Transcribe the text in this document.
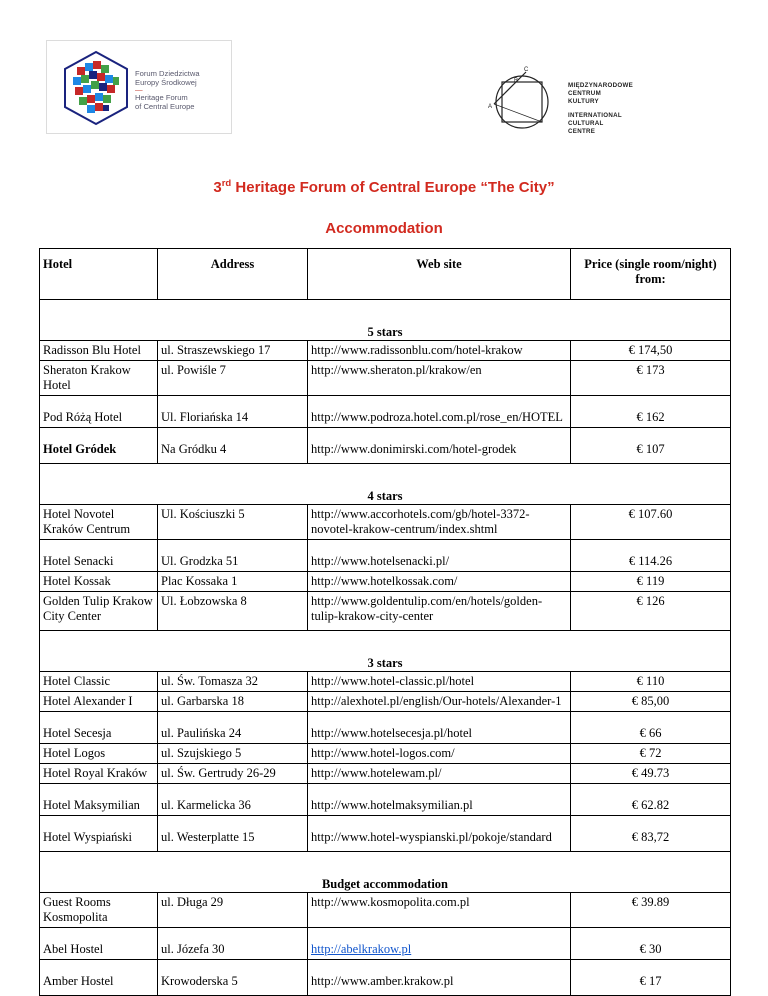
Forum Dziedzictwa
Europy Środkowej
—
Heritage Forum
of Central Europe
C
B
A
MIĘDZYNARODOWE
CENTRUM
KULTURY
INTERNATIONAL
CULTURAL
CENTRE
3rd Heritage Forum of Central Europe “The City”
Accommodation
Hotel	Address	Web site	Price (single room/night) from:

5 stars			

Radisson Blu Hotel	ul. Straszewskiego 17	http://www.radissonblu.com/hotel-krakow	€ 174,50
Sheraton Krakow Hotel	ul. Powiśle 7	http://www.sheraton.pl/krakow/en	€ 173
Pod Różą Hotel	Ul. Floriańska 14	http://www.podroza.hotel.com.pl/rose_en/HOTEL	€ 162
Hotel Gródek	Na Gródku 4	http://www.donimirski.com/hotel-grodek	€ 107

4 stars			

Hotel Novotel Kraków Centrum	Ul. Kościuszki 5	http://www.accorhotels.com/gb/hotel-3372-novotel-krakow-centrum/index.shtml	€ 107.60
Hotel Senacki	Ul. Grodzka 51	http://www.hotelsenacki.pl/	€ 114.26
Hotel Kossak	Plac Kossaka 1	http://www.hotelkossak.com/	€ 119
Golden Tulip Krakow City Center	Ul. Łobzowska 8	http://www.goldentulip.com/en/hotels/golden-tulip-krakow-city-center	€ 126

3 stars			

Hotel Classic	ul. Św. Tomasza 32	http://www.hotel-classic.pl/hotel	€ 110
Hotel Alexander I	ul. Garbarska 18	http://alexhotel.pl/english/Our-hotels/Alexander-1	€ 85,00
Hotel Secesja	ul. Paulińska 24	http://www.hotelsecesja.pl/hotel	€ 66
Hotel Logos	ul. Szujskiego 5	http://www.hotel-logos.com/	€ 72
Hotel Royal Kraków	ul. Św. Gertrudy 26-29	http://www.hotelewam.pl/	€ 49.73
Hotel Maksymilian	ul. Karmelicka 36	http://www.hotelmaksymilian.pl	€ 62.82
Hotel Wyspiański	ul. Westerplatte 15	http://www.hotel-wyspianski.pl/pokoje/standard	€ 83,72

Budget accommodation			

Guest Rooms Kosmopolita	ul. Długa 29	http://www.kosmopolita.com.pl	€ 39.89
Abel Hostel	ul. Józefa 30	http://abelkrakow.pl	€ 30
Amber Hostel	Krowoderska 5	http://www.amber.krakow.pl	€ 17
